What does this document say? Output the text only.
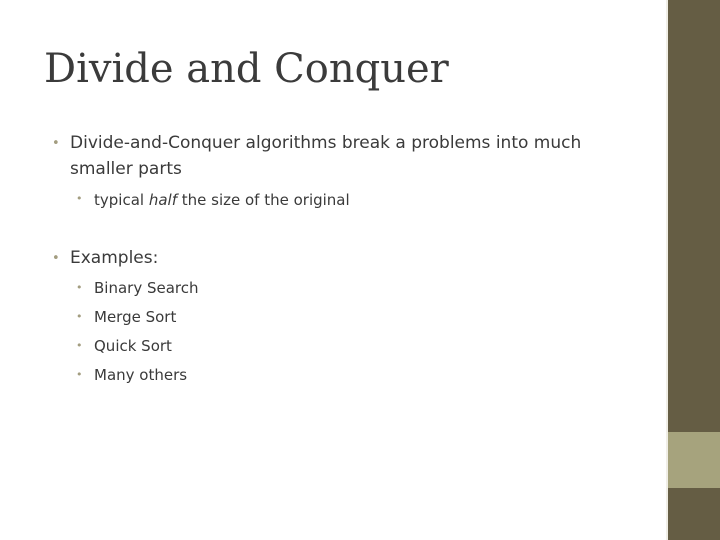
Divide and Conquer
• Divide-and-Conquer algorithms break a problems into much
smaller parts
• typical half the size of the original
• Examples:
• Binary Search
• Merge Sort
• Quick Sort
• Many others
